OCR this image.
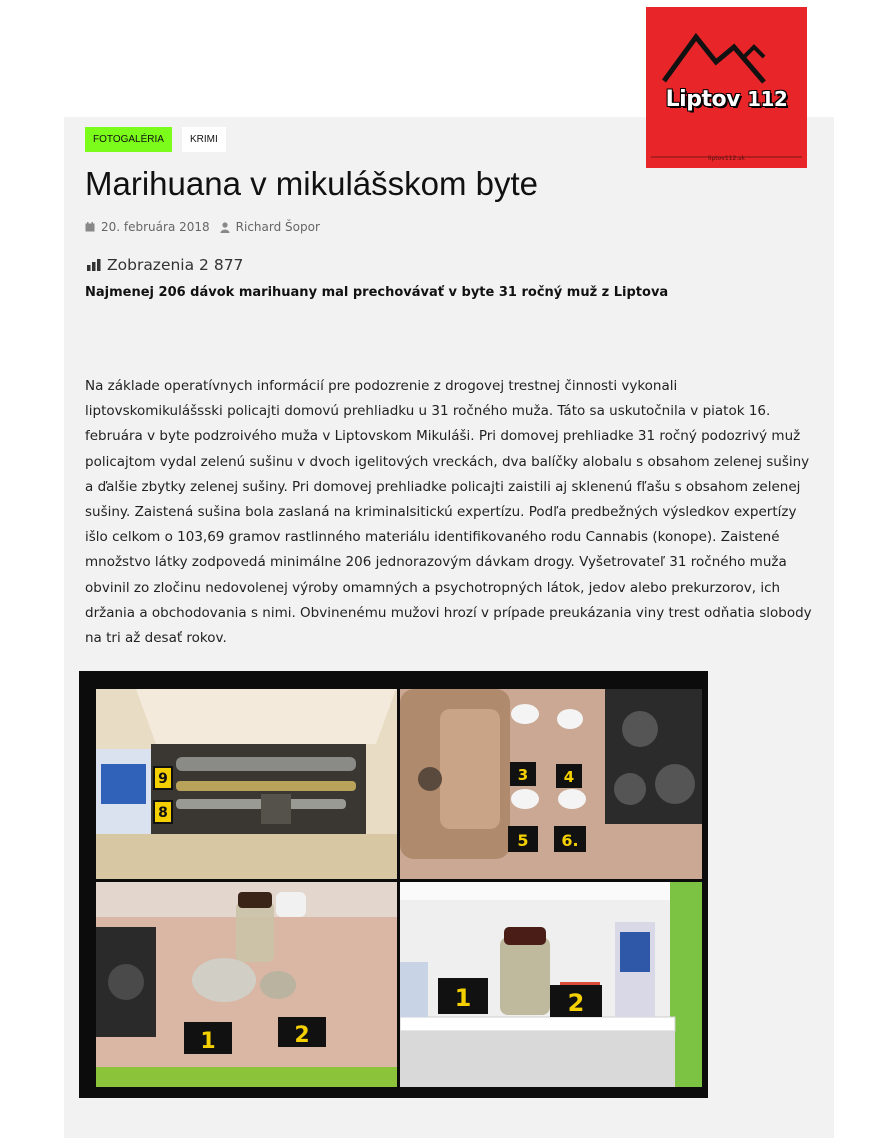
Liptov 112
liptov112.sk
FOTOGALÉRIA	KRIMI
Marihuana v mikulášskom byte
20. februára 2018 Richard Šopor
Zobrazenia 2 877
Najmenej 206 dávok marihuany mal prechovávať v byte 31 ročný muž z Liptova

Na základe operatívnych informácií pre podozrenie z drogovej trestnej činnosti vykonali liptovskomikulášsski policajti domovú prehliadku u 31 ročného muža. Táto sa uskutočnila v piatok 16. februára v byte podzroivého muža v Liptovskom Mikuláši. Pri domovej prehliadke 31 ročný podozrivý muž policajtom vydal zelenú sušinu v dvoch igelitových vreckách, dva balíčky alobalu s obsahom zelenej sušiny a ďalšie zbytky zelenej sušiny. Pri domovej prehliadke policajti zaistili aj sklenenú fľašu s obsahom zelenej sušiny. Zaistená sušina bola zaslaná na kriminalsitickú expertízu. Podľa predbežných výsledkov expertízy išlo celkom o 103,69 gramov rastlinného materiálu identifikovaného rodu Cannabis (konope). Zaistené množstvo látky zodpovedá minimálne 206 jednorazovým dávkam drogy. Vyšetrovateľ 31 ročného muža obvinil zo zločinu nedovolenej výroby omamných a psychotropných látok, jedov alebo prekurzorov, ich držania a obchodovania s nimi. Obvinenému mužovi hrozí v prípade preukázania viny trest odňatia slobody na tri až desať rokov.

9
8
3 4
5 6.
1	2
1	2
